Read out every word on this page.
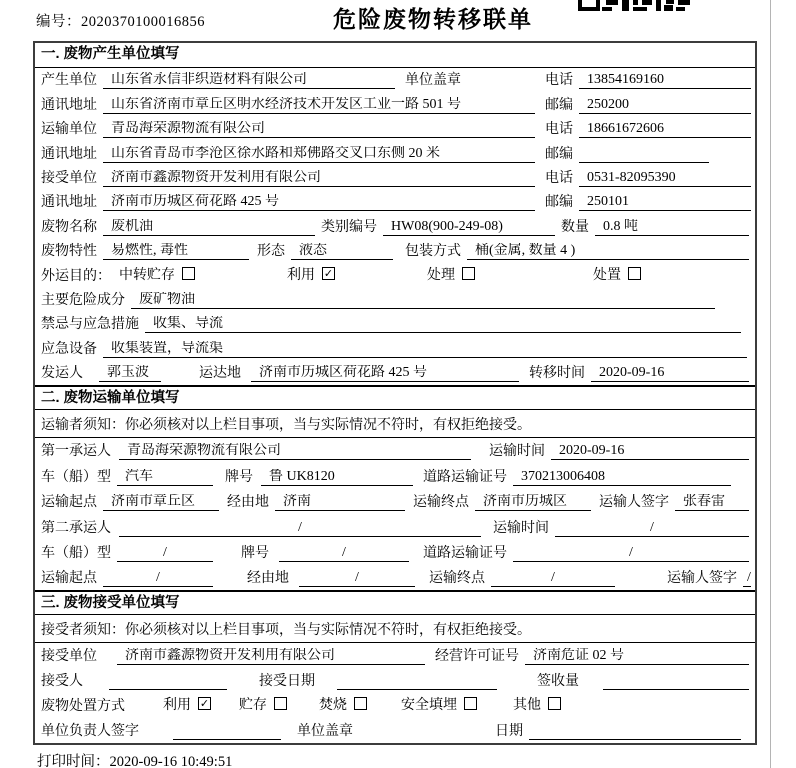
编号：2020370100016856	危险废物转移联单
一. 废物产生单位填写
产生单位	山东省永信非织造材料有限公司	单位盖章	电话	13854169160
通讯地址	山东省济南市章丘区明水经济技术开发区工业一路 501 号	邮编	250200
运输单位	青岛海荣源物流有限公司	电话	18661672606
通讯地址	山东省青岛市李沧区徐水路和郑佛路交叉口东侧 20 米	邮编
接受单位	济南市鑫源物资开发利用有限公司	电话	0531-82095390
通讯地址	济南市历城区荷花路 425 号	邮编	250101
废物名称	废机油	类别编号	HW08(900-249-08)	数量	0.8 吨
废物特性	易燃性, 毒性	形态	液态	包装方式	桶(金属, 数量 4 )
外运目的： 中转贮存	利用 ✓	处理	处置
主要危险成分	废矿物油
禁忌与应急措施	收集、导流
应急设备	收集装置，导流渠
发运人	郭玉波	运达地	济南市历城区荷花路 425 号	转移时间	2020-09-16
二. 废物运输单位填写
运输者须知：你必须核对以上栏目事项，当与实际情况不符时，有权拒绝接受。
第一承运人	青岛海荣源物流有限公司	运输时间	2020-09-16
车（船）型	汽车	牌号	鲁 UK8120	道路运输证号	370213006408
运输起点	济南市章丘区	经由地	济南	运输终点	济南市历城区	运输人签字	张春雷
第二承运人	/	运输时间	/
车（船）型	/	牌号	/	道路运输证号	/
运输起点	/	经由地	/	运输终点	/	运输人签字 /
三. 废物接受单位填写
接受者须知：你必须核对以上栏目事项，当与实际情况不符时，有权拒绝接受。
接受单位	济南市鑫源物资开发利用有限公司	经营许可证号	济南危证 02 号
接受人	接受日期	签收量
废物处置方式	利用 ✓ 贮存	焚烧	安全填埋	其他
单位负责人签字	单位盖章	日期
打印时间：2020-09-16 10:49:51
